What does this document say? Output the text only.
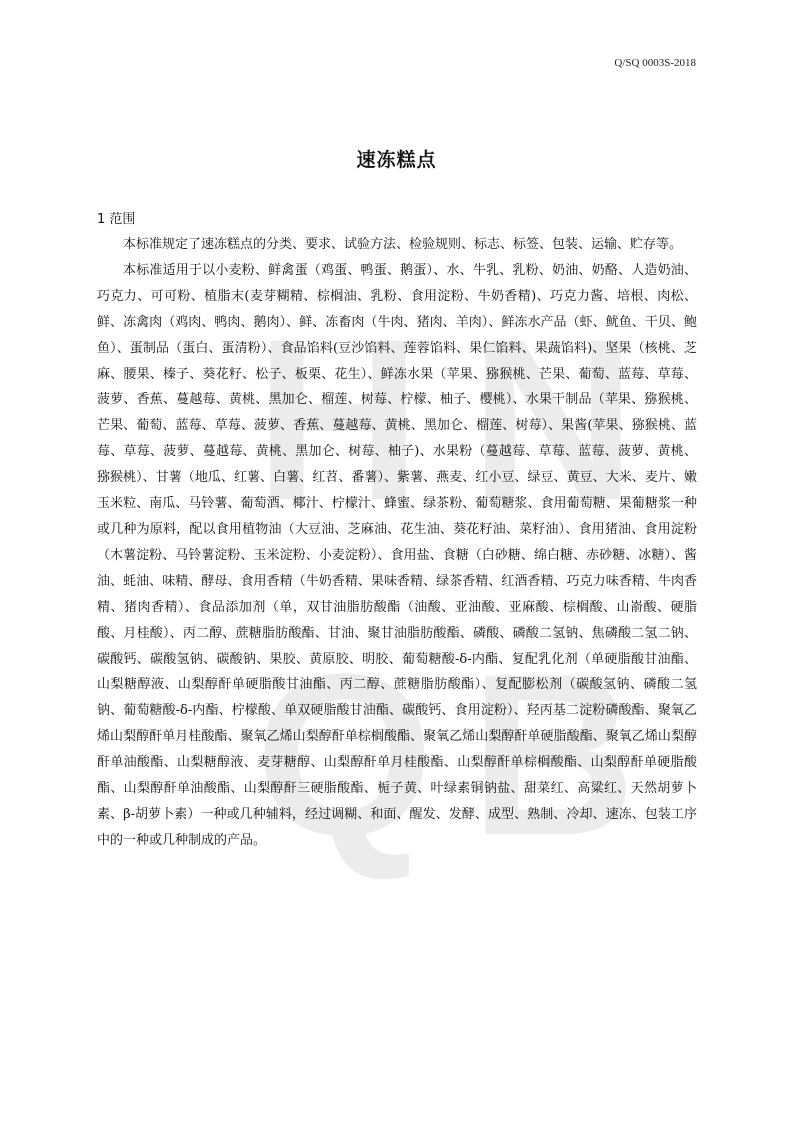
H N
Q B
Q/SQ 0003S-2018
速冻糕点

1 范围

本标准规定了速冻糕点的分类、要求、试验方法、检验规则、标志、标签、包装、运输、贮存等。

本标准适用于以小麦粉、鲜禽蛋（鸡蛋、鸭蛋、鹅蛋）、水、牛乳、乳粉、奶油、奶酪、人造奶油、巧克力、可可粉、植脂末(麦芽糊精、棕榈油、乳粉、食用淀粉、牛奶香精)、巧克力酱、培根、肉松、鲜、冻禽肉（鸡肉、鸭肉、鹅肉）、鲜、冻畜肉（牛肉、猪肉、羊肉）、鲜冻水产品（虾、鱿鱼、干贝、鲍鱼）、蛋制品（蛋白、蛋清粉）、食品馅料(豆沙馅料、莲蓉馅料、果仁馅料、果蔬馅料)、坚果（核桃、芝麻、腰果、榛子、葵花籽、松子、板栗、花生）、鲜冻水果（苹果、猕猴桃、芒果、葡萄、蓝莓、草莓、菠萝、香蕉、蔓越莓、黄桃、黑加仑、榴莲、树莓、柠檬、柚子、樱桃）、水果干制品（苹果、猕猴桃、芒果、葡萄、蓝莓、草莓、菠萝、香蕉、蔓越莓、黄桃、黑加仑、榴莲、树莓）、果酱(苹果、猕猴桃、蓝莓、草莓、菠萝、蔓越莓、黄桃、黑加仑、树莓、柚子)、水果粉（蔓越莓、草莓、蓝莓、菠萝、黄桃、猕猴桃）、甘薯（地瓜、红薯、白薯、红苕、番薯）、紫薯、燕麦、红小豆、绿豆、黄豆、大米、麦片、嫩玉米粒、南瓜、马铃薯、葡萄酒、椰汁、柠檬汁、蜂蜜、绿茶粉、葡萄糖浆、食用葡萄糖、果葡糖浆一种或几种为原料，配以食用植物油（大豆油、芝麻油、花生油、葵花籽油、菜籽油）、食用猪油、食用淀粉（木薯淀粉、马铃薯淀粉、玉米淀粉、小麦淀粉）、食用盐、食糖（白砂糖、绵白糖、赤砂糖、冰糖）、酱油、蚝油、味精、酵母、食用香精（牛奶香精、果味香精、绿茶香精、红酒香精、巧克力味香精、牛肉香精、猪肉香精）、食品添加剂（单，双甘油脂肪酸酯（油酸、亚油酸、亚麻酸、棕榈酸、山嵛酸、硬脂酸、月桂酸）、丙二醇、蔗糖脂肪酸酯、甘油、聚甘油脂肪酸酯、磷酸、磷酸二氢钠、焦磷酸二氢二钠、碳酸钙、碳酸氢钠、碳酸钠、果胶、黄原胶、明胶、葡萄糖酸-δ-内酯、复配乳化剂（单硬脂酸甘油酯、山梨糖醇液、山梨醇酐单硬脂酸甘油酯、丙二醇、蔗糖脂肪酸酯）、复配膨松剂（碳酸氢钠、磷酸二氢钠、葡萄糖酸-δ-内酯、柠檬酸、单双硬脂酸甘油酯、碳酸钙、食用淀粉）、羟丙基二淀粉磷酸酯、聚氧乙烯山梨醇酐单月桂酸酯、聚氧乙烯山梨醇酐单棕榈酸酯、聚氧乙烯山梨醇酐单硬脂酸酯、聚氧乙烯山梨醇酐单油酸酯、山梨糖醇液、麦芽糖醇、山梨醇酐单月桂酸酯、山梨醇酐单棕榈酸酯、山梨醇酐单硬脂酸酯、山梨醇酐单油酸酯、山梨醇酐三硬脂酸酯、栀子黄、叶绿素铜钠盐、甜菜红、高粱红、天然胡萝卜素、β-胡萝卜素）一种或几种辅料，经过调糊、和面、醒发、发酵、成型、熟制、冷却、速冻、包装工序中的一种或几种制成的产品。
